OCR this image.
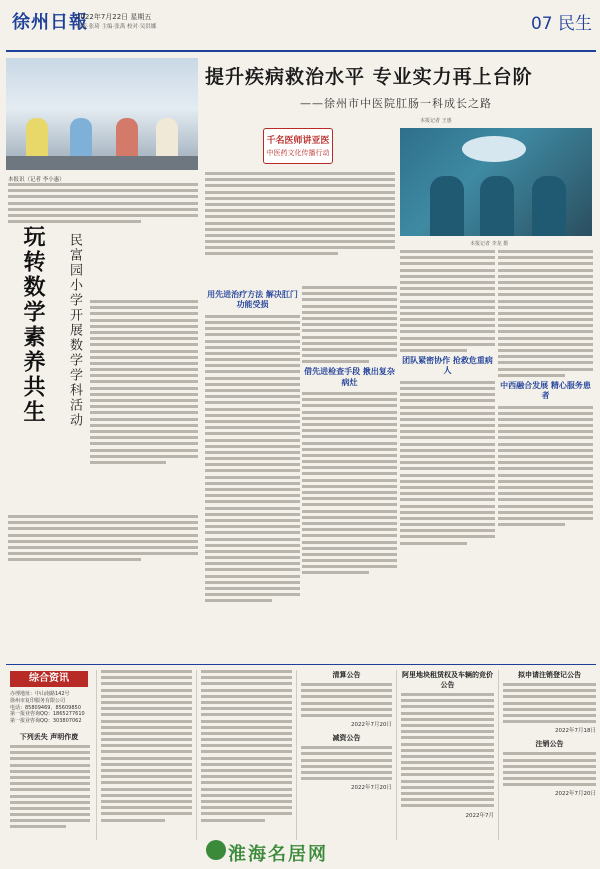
徐州日報
2022年7月22日 星期五
市版·张琦 主编·张禹 校对·吴洪娜	07 民生
本报讯（记者 李小惠）
玩转数学素养共生	民富园小学开展数学学科活动
提升疾病救治水平 专业实力再上台阶
——徐州市中医院肛肠一科成长之路
本报记者 王惠
千名医师讲亚医
中医药文化传播行动
本报记者 李龙 摄
用先进治疗方法 解决肛门功能受损
借先进检查手段 揪出复杂病灶
团队紧密协作 抢救危重病人
中西融合发展 精心服务患者
综合资讯
办理地址：中山南路142号
徐州市复印服务有限公司
电话：85809469，85609850
第一报业咨询QQ：1865277610
第一报业咨询QQ：303807062
下列丢失 声明作废
清算公告
2022年7月20日
减资公告
2022年7月20日
阿里地块租赁权及车辆的竞价公告
2022年7月
拟申请注销登记公告
2022年7月18日
注销公告
2022年7月20日
淮海名居网
